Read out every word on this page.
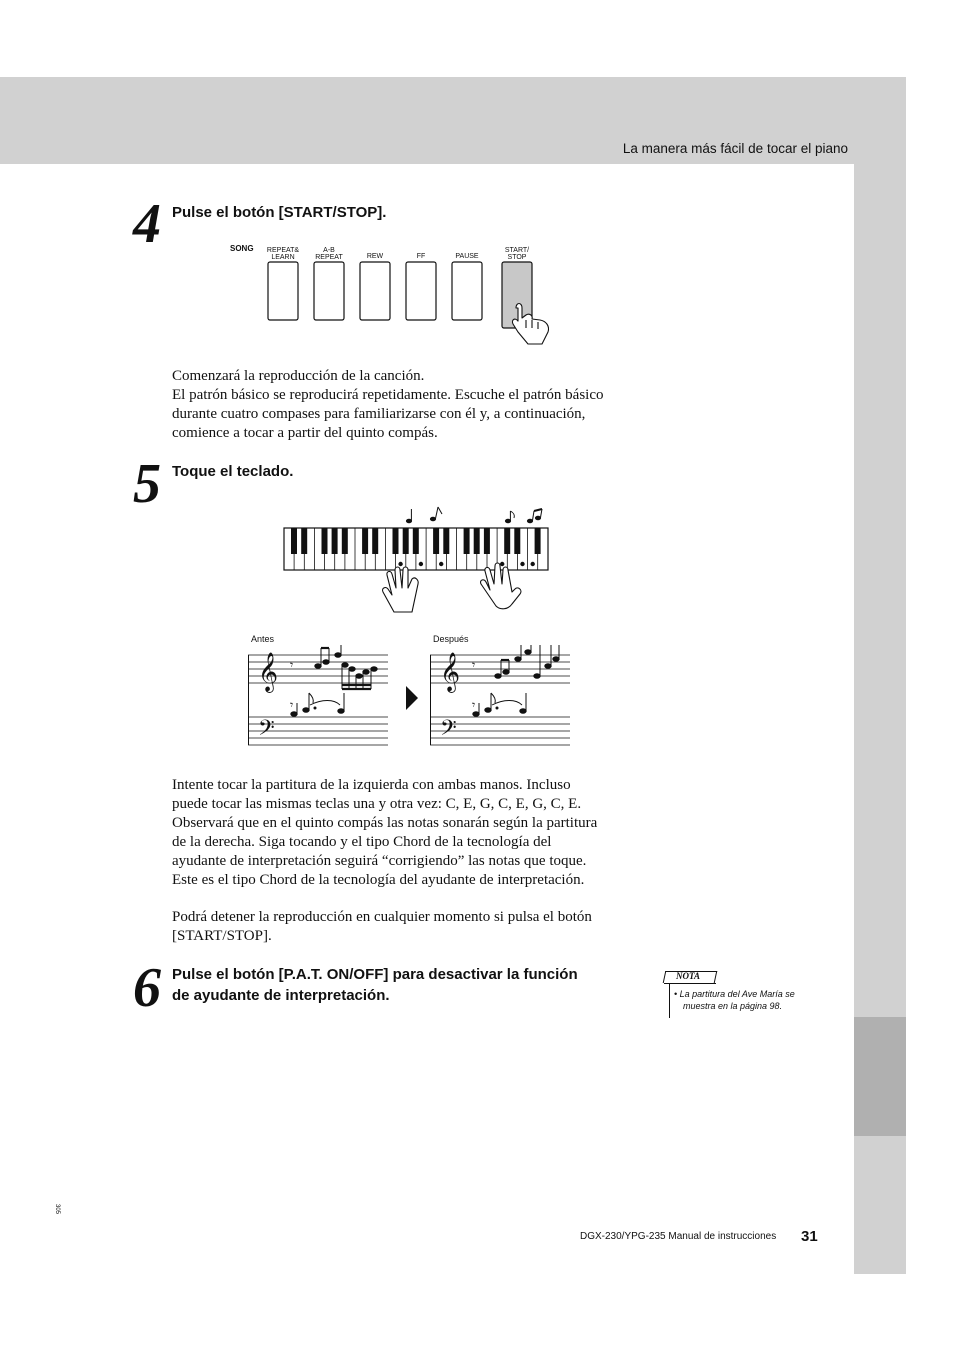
La manera más fácil de tocar el piano
4 Pulse el botón [START/STOP].
SONG	REPEAT&
LEARN
A-B
REPEAT	REW	FF	PAUSE
START/
STOP

Comenzará la reproducción de la canción.

El patrón básico se reproducirá repetidamente. Escuche el patrón básico

durante cuatro compases para familiarizarse con él y, a continuación,

comience a tocar a partir del quinto compás.

5 Toque el teclado.
Antes	Después
𝄞
𝄢
𝄾
𝄾
𝄞
𝄢
𝄾
𝄾

Intente tocar la partitura de la izquierda con ambas manos. Incluso

puede tocar las mismas teclas una y otra vez: C, E, G, C, E, G, C, E.

Observará que en el quinto compás las notas sonarán según la partitura

de la derecha. Siga tocando y el tipo Chord de la tecnología del

ayudante de interpretación seguirá “corrigiendo” las notas que toque.

Este es el tipo Chord de la tecnología del ayudante de interpretación.

Podrá detener la reproducción en cualquier momento si pulsa el botón

[START/STOP].

6 Pulse el botón [P.A.T. ON/OFF] para desactivar la función
de ayudante de interpretación.
NOTA
• La partitura del Ave María se
muestra en la página 98.
305
DGX-230/YPG-235 Manual de instrucciones 31
